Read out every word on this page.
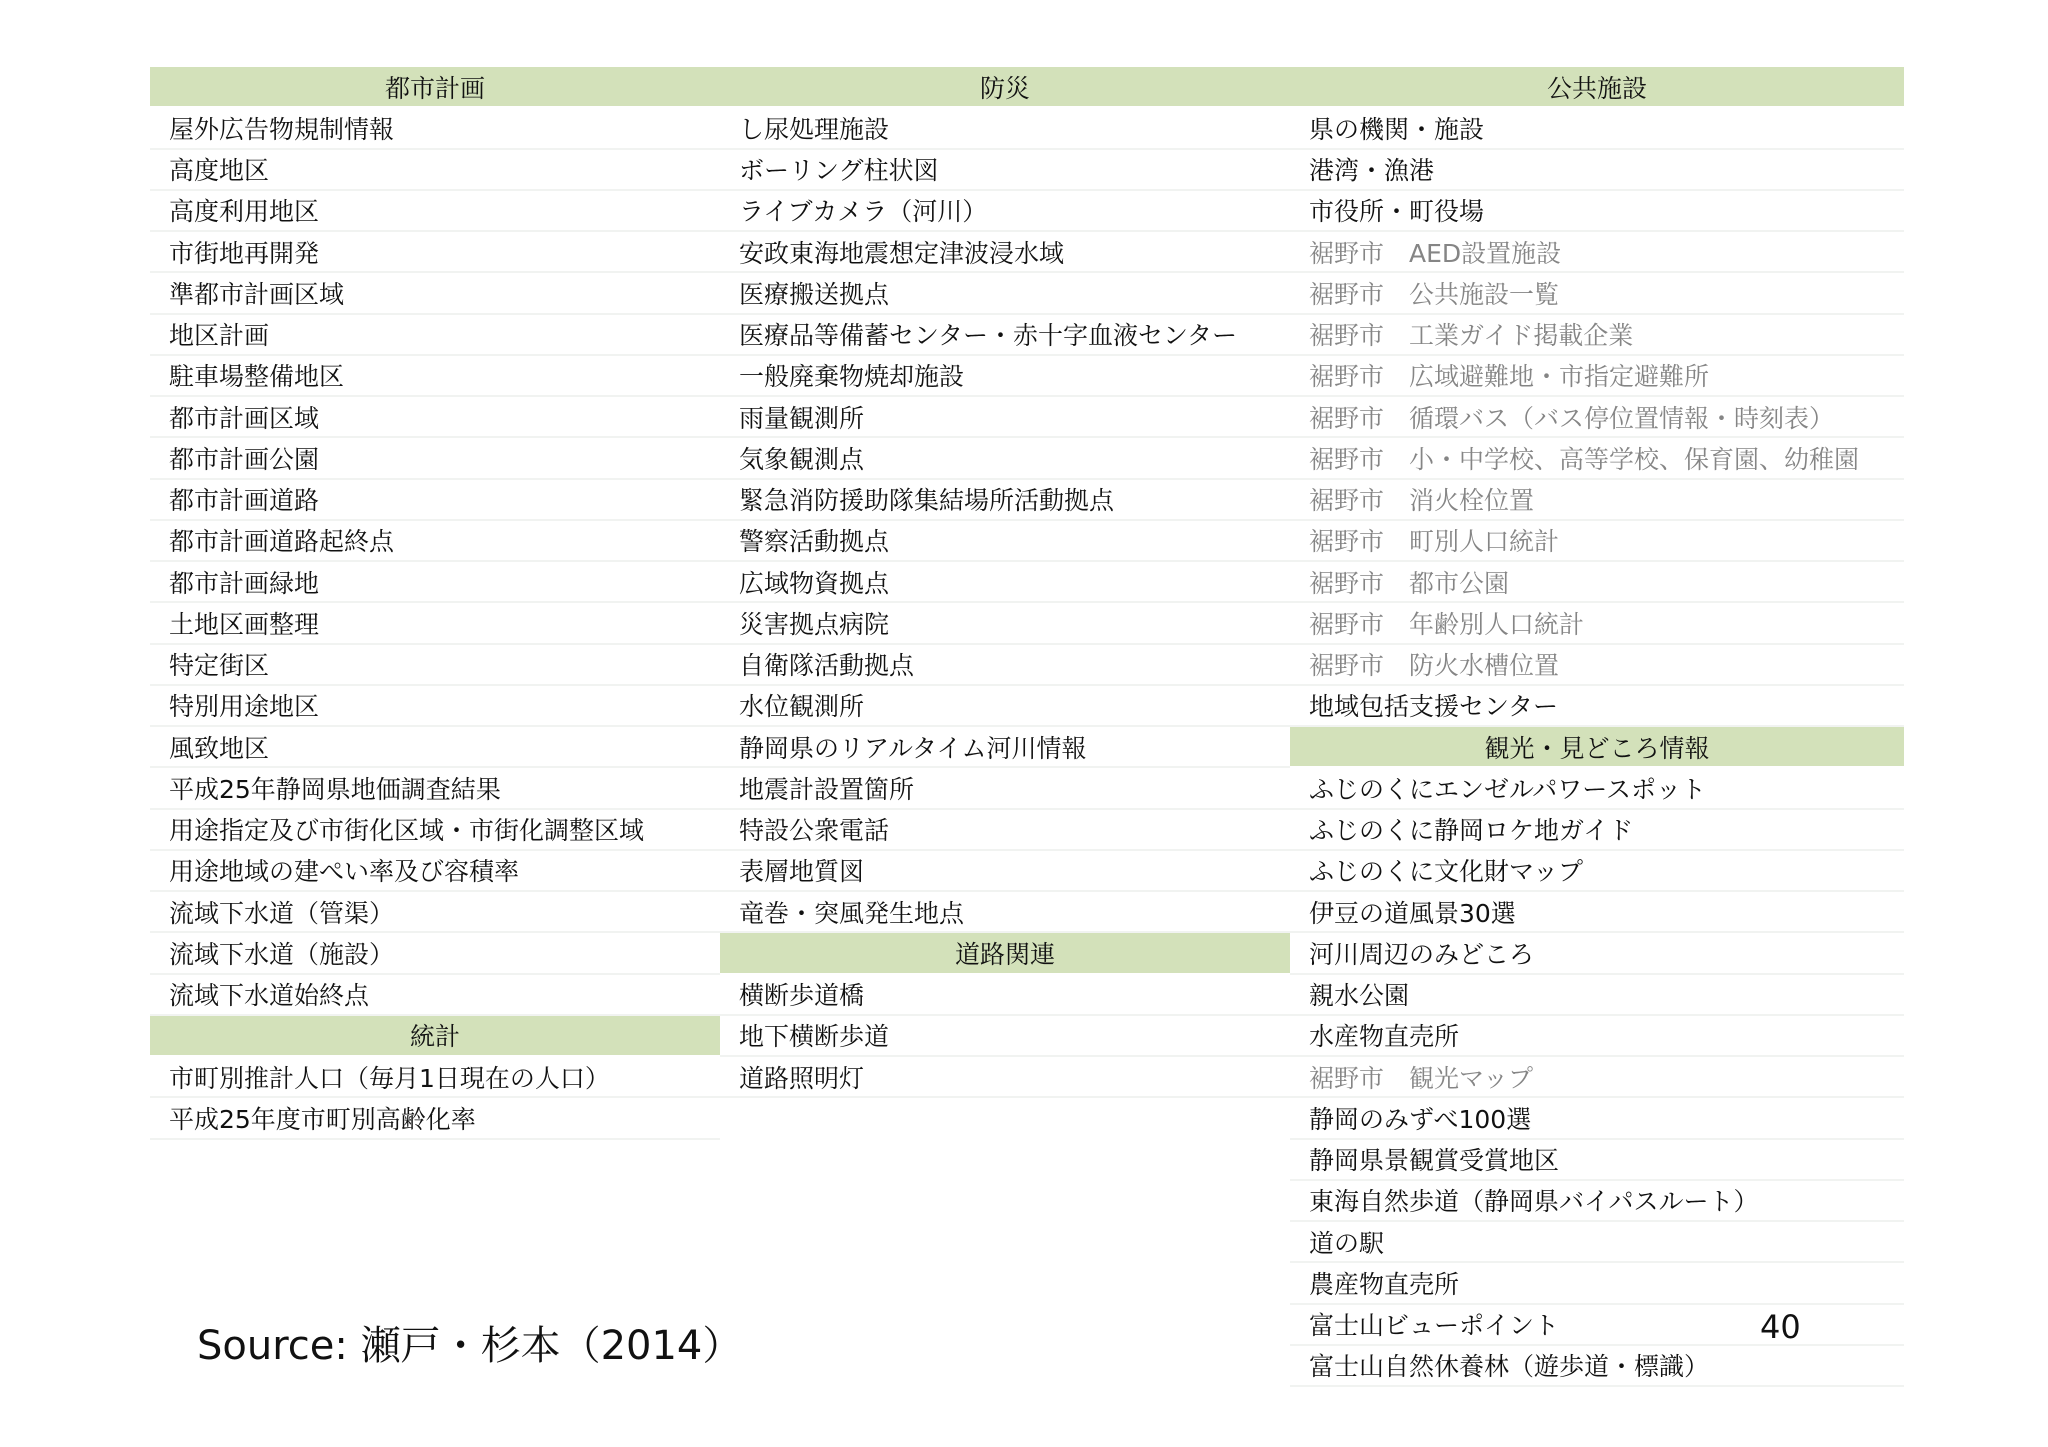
都市計画
屋外広告物規制情報
高度地区
高度利用地区
市街地再開発
準都市計画区域
地区計画
駐車場整備地区
都市計画区域
都市計画公園
都市計画道路
都市計画道路起終点
都市計画緑地
土地区画整理
特定街区
特別用途地区
風致地区
平成25年静岡県地価調査結果
用途指定及び市街化区域・市街化調整区域
用途地域の建ぺい率及び容積率
流域下水道（管渠）
流域下水道（施設）
流域下水道始終点
統計
市町別推計人口（毎月1日現在の人口）
平成25年度市町別高齢化率
防災
し尿処理施設
ボーリング柱状図
ライブカメラ（河川）
安政東海地震想定津波浸水域
医療搬送拠点
医療品等備蓄センター・赤十字血液センター
一般廃棄物焼却施設
雨量観測所
気象観測点
緊急消防援助隊集結場所活動拠点
警察活動拠点
広域物資拠点
災害拠点病院
自衛隊活動拠点
水位観測所
静岡県のリアルタイム河川情報
地震計設置箇所
特設公衆電話
表層地質図
竜巻・突風発生地点
道路関連
横断歩道橋
地下横断歩道
道路照明灯
公共施設
県の機関・施設
港湾・漁港
市役所・町役場
裾野市　AED設置施設
裾野市　公共施設一覧
裾野市　工業ガイド掲載企業
裾野市　広域避難地・市指定避難所
裾野市　循環バス（バス停位置情報・時刻表）
裾野市　小・中学校、高等学校、保育園、幼稚園
裾野市　消火栓位置
裾野市　町別人口統計
裾野市　都市公園
裾野市　年齢別人口統計
裾野市　防火水槽位置
地域包括支援センター
観光・見どころ情報
ふじのくにエンゼルパワースポット
ふじのくに静岡ロケ地ガイド
ふじのくに文化財マップ
伊豆の道風景30選
河川周辺のみどころ
親水公園
水産物直売所
裾野市　観光マップ
静岡のみずべ100選
静岡県景観賞受賞地区
東海自然歩道（静岡県バイパスルート）
道の駅
農産物直売所
富士山ビューポイント
富士山自然休養林（遊歩道・標識）
Source: 瀬戸・杉本（2014）	40
